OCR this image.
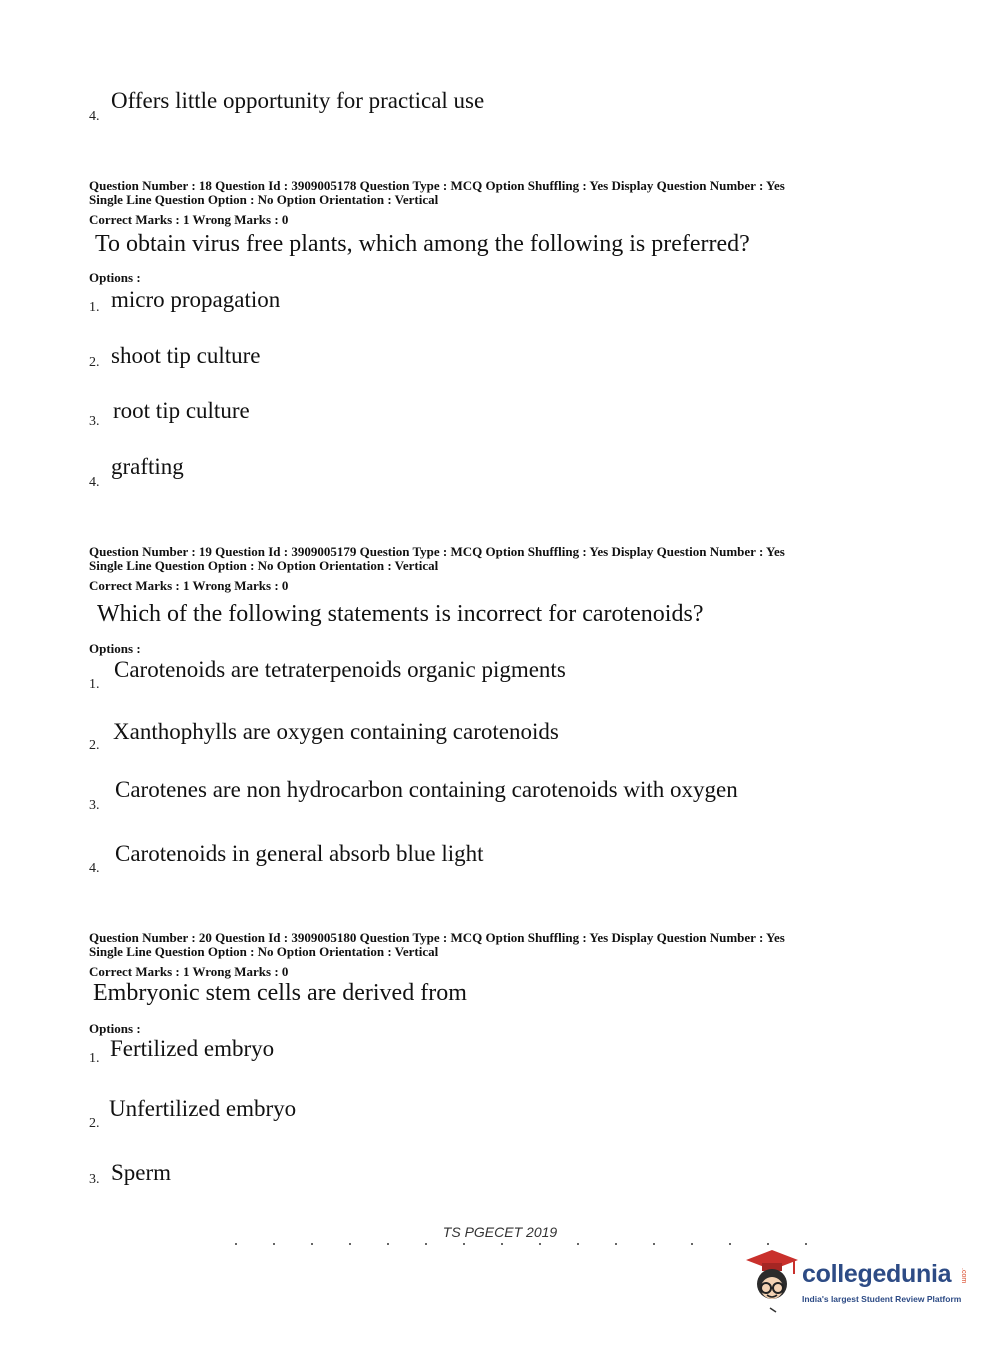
4.
Offers little opportunity for practical use
Question Number : 18 Question Id : 3909005178 Question Type : MCQ Option Shuffling : Yes Display Question Number : Yes
Single Line Question Option : No Option Orientation : Vertical
Correct Marks : 1 Wrong Marks : 0
To obtain virus free plants, which among the following is preferred?
Options :
1. micro propagation
2. shoot tip culture
3. root tip culture
4.
grafting
Question Number : 19 Question Id : 3909005179 Question Type : MCQ Option Shuffling : Yes Display Question Number : Yes
Single Line Question Option : No Option Orientation : Vertical
Correct Marks : 1 Wrong Marks : 0
Which of the following statements is incorrect for carotenoids?
Options :
1.
Carotenoids are tetraterpenoids organic pigments
2.
Xanthophylls are oxygen containing carotenoids
3.
Carotenes are non hydrocarbon containing carotenoids with oxygen
4.
Carotenoids in general absorb blue light
Question Number : 20 Question Id : 3909005180 Question Type : MCQ Option Shuffling : Yes Display Question Number : Yes
Single Line Question Option : No Option Orientation : Vertical
Correct Marks : 1 Wrong Marks : 0
Embryonic stem cells are derived from
Options :
1. Fertilized embryo
2.
Unfertilized embryo
3. Sperm
TS PGECET 2019
collegedunia .com
India's largest Student Review Platform
